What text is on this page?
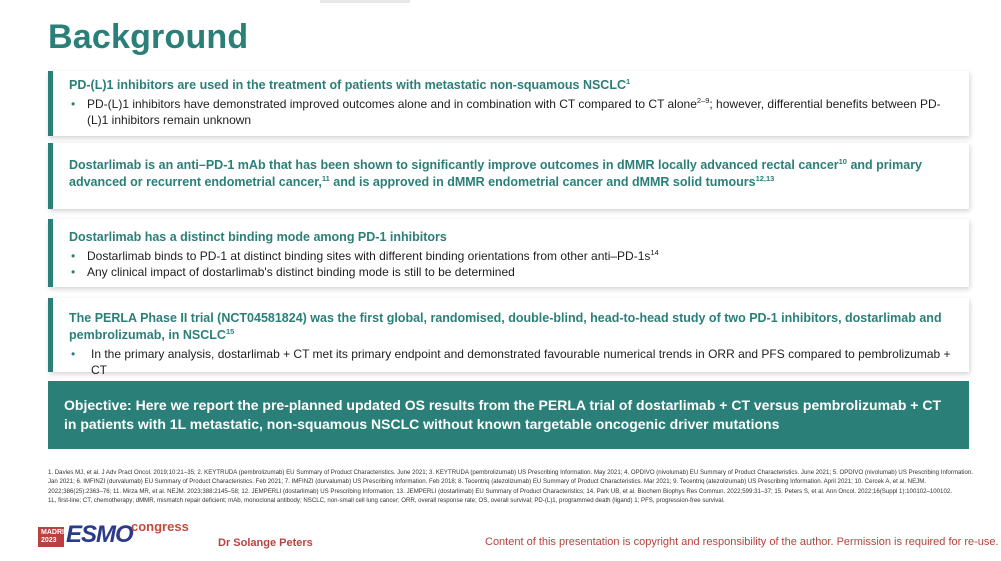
Background
PD-(L)1 inhibitors are used in the treatment of patients with metastatic non-squamous NSCLC$^1$
• PD-(L)1 inhibitors have demonstrated improved outcomes alone and in combination with CT compared to CT alone$^{2-9}$; however, differential benefits between PD-(L)1 inhibitors remain unknown
Dostarlimab is an anti–PD-1 mAb that has been shown to significantly improve outcomes in dMMR locally advanced rectal cancer$^{10}$ and primary advanced or recurrent endometrial cancer,$^{11}$ and is approved in dMMR endometrial cancer and dMMR solid tumours$^{12,13}$
Dostarlimab has a distinct binding mode among PD-1 inhibitors
• Dostarlimab binds to PD-1 at distinct binding sites with different binding orientations from other anti–$PD-1s^{14}$
• Any clinical impact of dostarlimab's distinct binding mode is still to be determined
The PERLA Phase II trial (NCT04581824) was the first global, randomised, double-blind, head-to-head study of two PD-1 inhibitors, dostarlimab and pembrolizumab, in NSCLC$^{15}$
• In the primary analysis, dostarlimab + CT met its primary endpoint and demonstrated favourable numerical trends in ORR and PFS compared to pembrolizumab + CT
Objective: Here we report the pre-planned updated OS results from the PERLA trial of dostarlimab + CT versus pembrolizumab + CT in patients with 1L metastatic, non-squamous NSCLC without known targetable oncogenic driver mutations

1. Davies MJ, et al. J Adv Pract Oncol. 2019;10:21–35; 2. KEYTRUDA (pembrolizumab) EU Summary of Product Characteristics. June 2021; 3. KEYTRUDA (pembrolizumab) US Prescribing Information. May 2021; 4. OPDIVO (nivolumab) EU Summary of Product Characteristics. June 2021; 5. OPDIVO (nivolumab) US Prescribing Information. Jan 2021; 6. IMFINZI (durvalumab) EU Summary of Product Characteristics. Feb 2021; 7. IMFINZI (durvalumab) US Prescribing Information. Feb 2018; 8. Tecentriq (atezolizumab) EU Summary of Product Characteristics. Mar 2021; 9. Tecentriq (atezolizumab) US Prescribing Information. April 2021; 10. Cercek A, et al. NEJM. 2022;386(25):2363–76; 11. Mirza MR, et al. NEJM. 2023;388:2145–58; 12. JEMPERLI (dostarlimab) US Prescribing Information; 13. JEMPERLI (dostarlimab) EU Summary of Product Characteristics; 14. Park UB, et al. Biochem Biophys Res Commun. 2022;599:31–37; 15. Peters S, et al. Ann Oncol. 2022;16(Suppl 1):100102–100102.

1L, first-line; CT, chemotherapy; dMMR, mismatch repair deficient; mAb, monoclonal antibody; NSCLC, non-small cell lung cancer; ORR, overall response rate; OS, overall survival; PD-(L)1, programmed death (ligand) 1; PFS, progression-free survival.

MADRID
2023 ESMO
congress
Dr Solange Peters	Content of this presentation is copyright and responsibility of the author. Permission is required for re-use.
